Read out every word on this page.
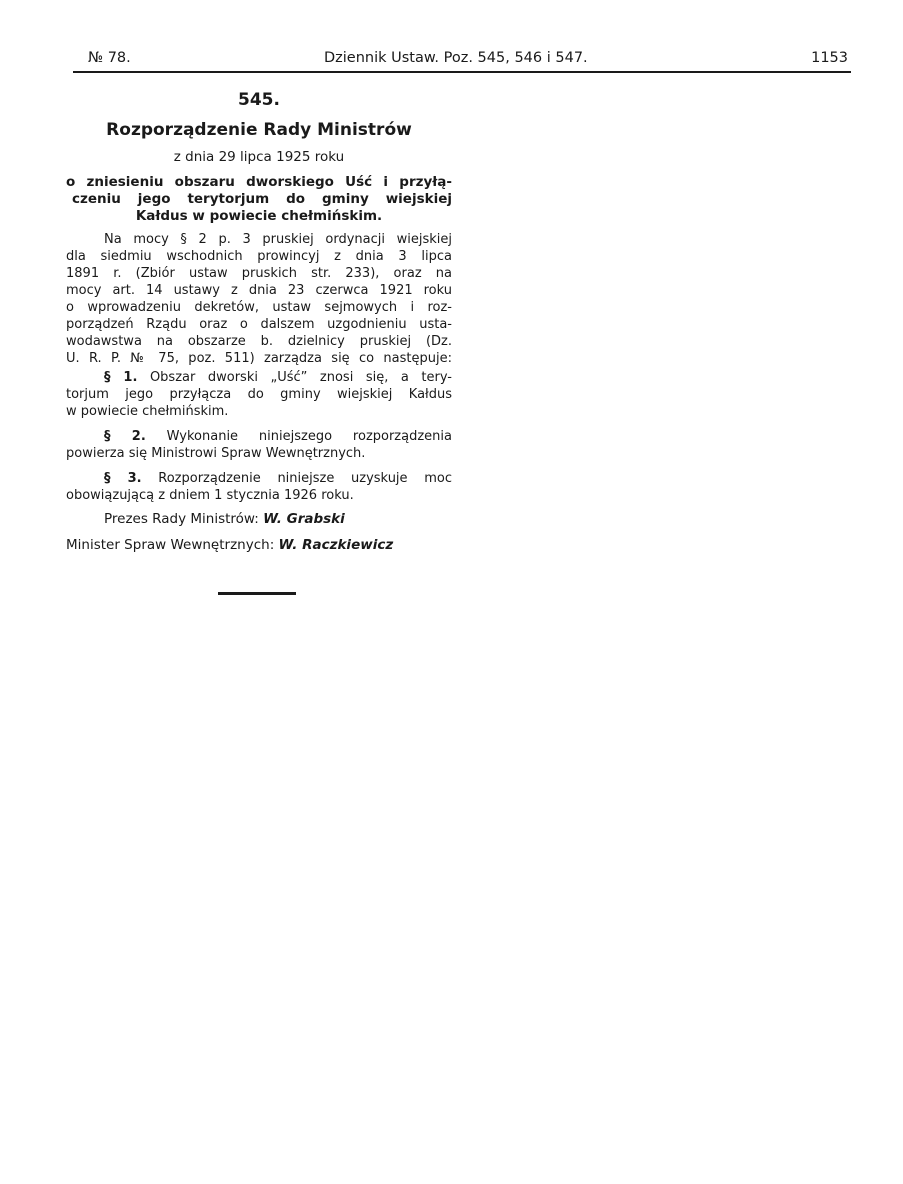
№ 78.	Dziennik Ustaw. Poz. 545, 546 i 547.	1153
545.
Rozporządzenie Rady Ministrów
z dnia 29 lipca 1925 roku
o zniesieniu obszaru dworskiego Uść i przyłą-
czeniu jego terytorjum do gminy wiejskiej
Kałdus w powiecie chełmińskim.
Na mocy § 2 p. 3 pruskiej ordynacji wiejskiej
dla siedmiu wschodnich prowincyj z dnia 3 lipca
1891 r. (Zbiór ustaw pruskich str. 233), oraz na
mocy art. 14 ustawy z dnia 23 czerwca 1921 roku
o wprowadzeniu dekretów, ustaw sejmowych i roz-
porządzeń Rządu oraz o dalszem uzgodnieniu usta-
wodawstwa na obszarze b. dzielnicy pruskiej (Dz.
U. R. P. № 75, poz. 511) zarządza się co następuje:
§ 1. Obszar dworski „Uść” znosi się, a tery-
torjum jego przyłącza do gminy wiejskiej Kałdus
w powiecie chełmińskim.
§ 2. Wykonanie niniejszego rozporządzenia
powierza się Ministrowi Spraw Wewnętrznych.
§ 3. Rozporządzenie niniejsze uzyskuje moc
obowiązującą z dniem 1 stycznia 1926 roku.
Prezes Rady Ministrów: W. Grabski
Minister Spraw Wewnętrznych: W. Raczkiewicz
